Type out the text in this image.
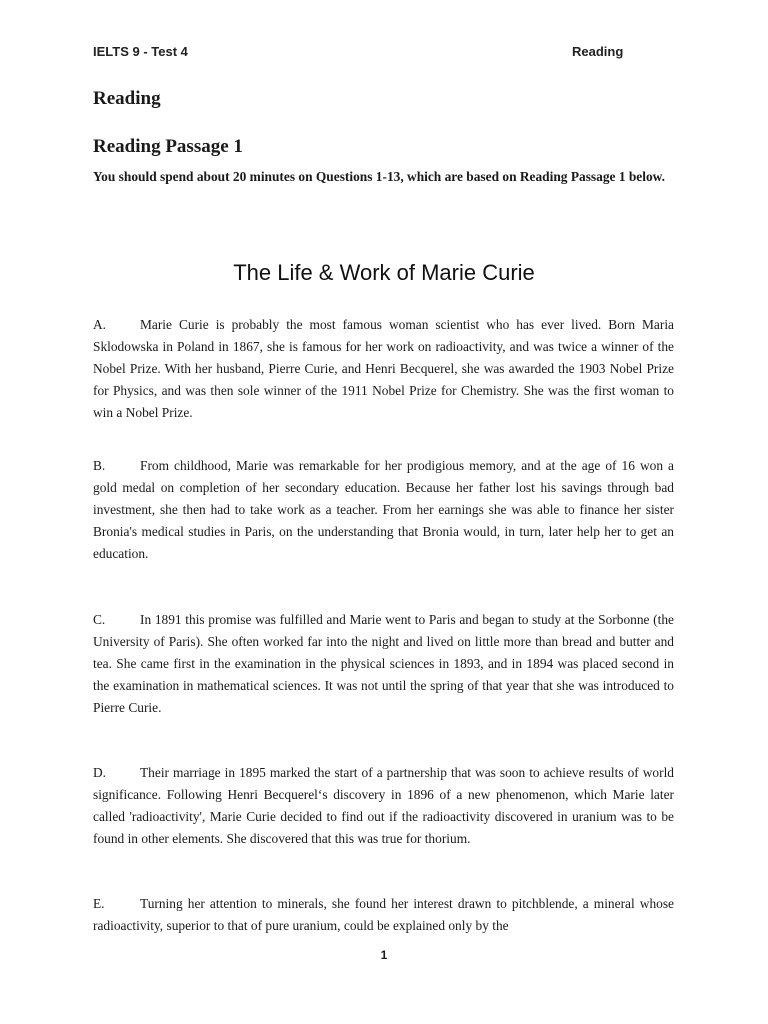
IELTS 9 - Test 4	Reading
Reading
Reading Passage 1
You should spend about 20 minutes on Questions 1-13, which are based on Reading Passage 1 below.
The Life & Work of Marie Curie
A.	Marie Curie is probably the most famous woman scientist who has ever lived. Born Maria Sklodowska in Poland in 1867, she is famous for her work on radioactivity, and was twice a winner of the Nobel Prize. With her husband, Pierre Curie, and Henri Becquerel, she was awarded the 1903 Nobel Prize for Physics, and was then sole winner of the 1911 Nobel Prize for Chemistry. She was the first woman to win a Nobel Prize.
B.	From childhood, Marie was remarkable for her prodigious memory, and at the age of 16 won a gold medal on completion of her secondary education. Because her father lost his savings through bad investment, she then had to take work as a teacher. From her earnings she was able to finance her sister Bronia's medical studies in Paris, on the understanding that Bronia would, in turn, later help her to get an education.
C.	In 1891 this promise was fulfilled and Marie went to Paris and began to study at the Sorbonne (the University of Paris). She often worked far into the night and lived on little more than bread and butter and tea. She came first in the examination in the physical sciences in 1893, and in 1894 was placed second in the examination in mathematical sciences. It was not until the spring of that year that she was introduced to Pierre Curie.
D.	Their marriage in 1895 marked the start of a partnership that was soon to achieve results of world significance. Following Henri Becquerel‘s discovery in 1896 of a new phenomenon, which Marie later called 'radioactivity', Marie Curie decided to find out if the radioactivity discovered in uranium was to be found in other elements. She discovered that this was true for thorium.
E.	Turning her attention to minerals, she found her interest drawn to pitchblende, a mineral whose radioactivity, superior to that of pure uranium, could be explained only by the
1
